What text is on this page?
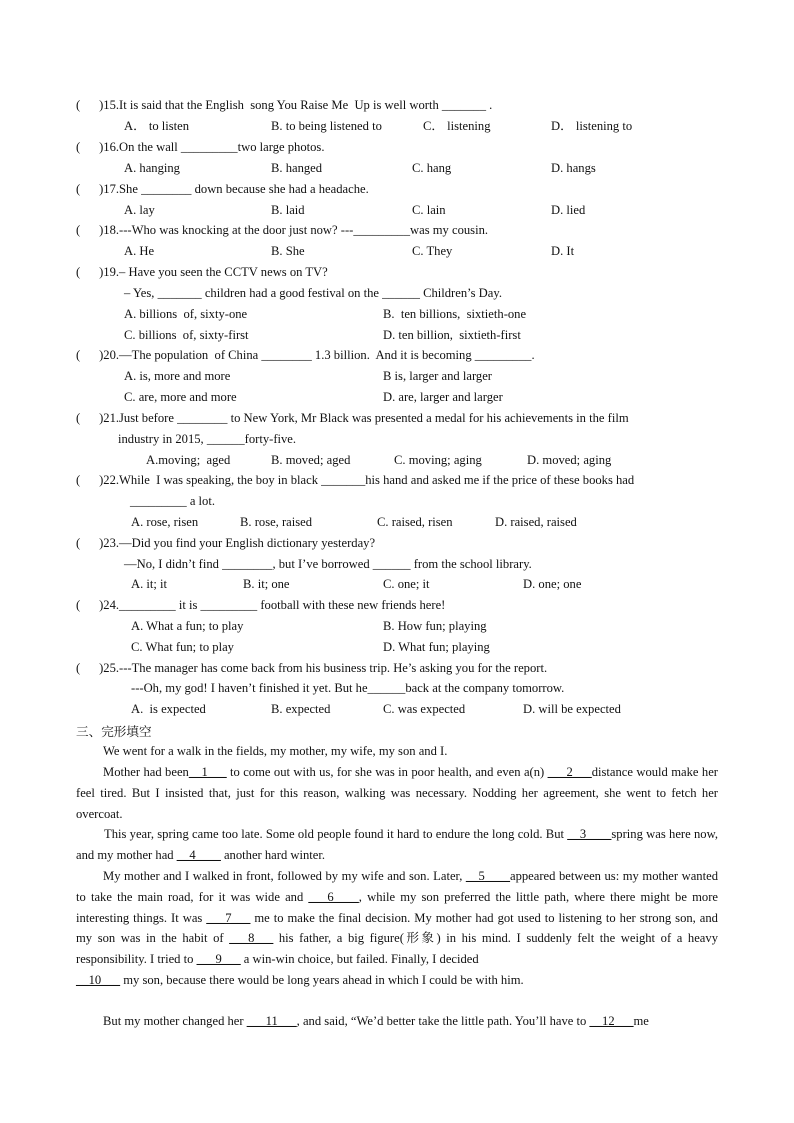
(      )15.It is said that the English  song You Raise Me  Up is well worth _______ .
A． to listen	B. to being listened to	C． listening	D． listening to
(      )16.On the wall _________two large photos.
A. hanging	B. hanged	C. hang	D. hangs
(      )17.She ________ down because she had a headache.
A. lay	B. laid	C. lain	D. lied
(      )18.---Who was knocking at the door just now? ---_________was my cousin.
A. He	B. She	C. They	D. It
(      )19.– Have you seen the CCTV news on TV?
– Yes, _______ children had a good festival on the ______ Children’s Day.
A. billions  of, sixty-one	B.  ten billions,  sixtieth-one
C. billions  of, sixty-first	D. ten billion,  sixtieth-first
(      )20.—The population  of China ________ 1.3 billion.  And it is becoming _________.
A. is, more and more	B is, larger and larger
C. are, more and more	D. are, larger and larger
(      )21.Just before ________ to New York, Mr Black was presented a medal for his achievements in the film
industry in 2015, ______forty-five.
A.moving;  aged	B. moved; aged	C. moving; aging	D. moved; aging
(      )22.While  I was speaking, the boy in black _______his hand and asked me if the price of these books had
_________ a lot.
A. rose, risen	B. rose, raised	C. raised, risen	D. raised, raised
(      )23.—Did you find your English dictionary yesterday?
—No, I didn’t find ________, but I’ve borrowed ______ from the school library.
A. it; it	B. it; one	C. one; it	D. one; one
(      )24._________ it is _________ football with these new friends here!
A. What a fun; to play	B. How fun; playing
C. What fun; to play	D. What fun; playing
(      )25.---The manager has come back from his business trip. He’s asking you for the report.
---Oh, my god! I haven’t finished it yet. But he______back at the company tomorrow.
A.  is expected	B. expected	C. was expected	D. will be expected
三、完形填空
We went for a walk in the fields, my mother, my wife, my son and I.
Mother had been__1___ to come out with us, for she was in poor health, and even a(n) ___2___distance would make her feel tired. But I insisted that, just for this reason, walking was necessary. Nodding her agreement, she went to fetch her overcoat.
This year, spring came too late. Some old people found it hard to endure the long cold. But __3____spring was here now, and my mother had __4____ another hard winter.
My mother and I walked in front, followed by my wife and son. Later, __5____appeared between us: my mother wanted to take the main road, for it was wide and ___6____, while my son preferred the little path, where there might be more interesting things. It was ___7___ me to make the final decision. My mother had got used to listening to her strong son, and my son was in the habit of ___8___ his father, a big figure(形象) in his mind. I suddenly felt the weight of a heavy responsibility. I tried to ___9___ a win-win choice, but failed. Finally, I decided
__10___ my son, because there would be long years ahead in which I could be with him.
But my mother changed her ___11___, and said, “We’d better take the little path. You’ll have to __12___me
